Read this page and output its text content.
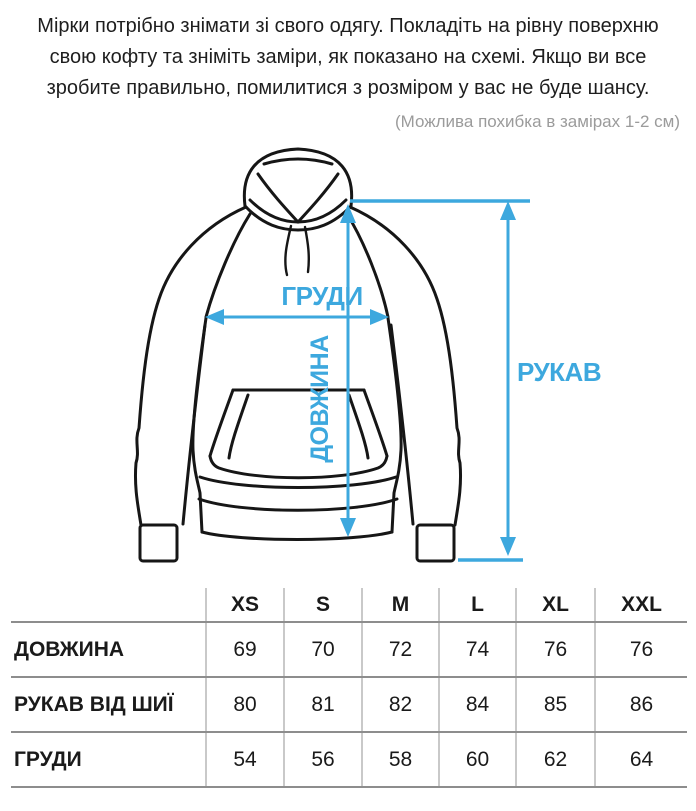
Мірки потрібно знімати зі свого одягу. Покладіть на рівну поверхню свою кофту та зніміть заміри, як показано на схемі. Якщо ви все зробите правильно, помилитися з розміром у вас не буде шансу.

(Можлива похибка в замірах 1-2 см)

ГРУДИ
ДОВЖИНА	РУКАВ
	XS	S	M	L	XL	XXL
ДОВЖИНА	69	70	72	74	76	76
РУКАВ ВІД ШИЇ	80	81	82	84	85	86
ГРУДИ	54	56	58	60	62	64
